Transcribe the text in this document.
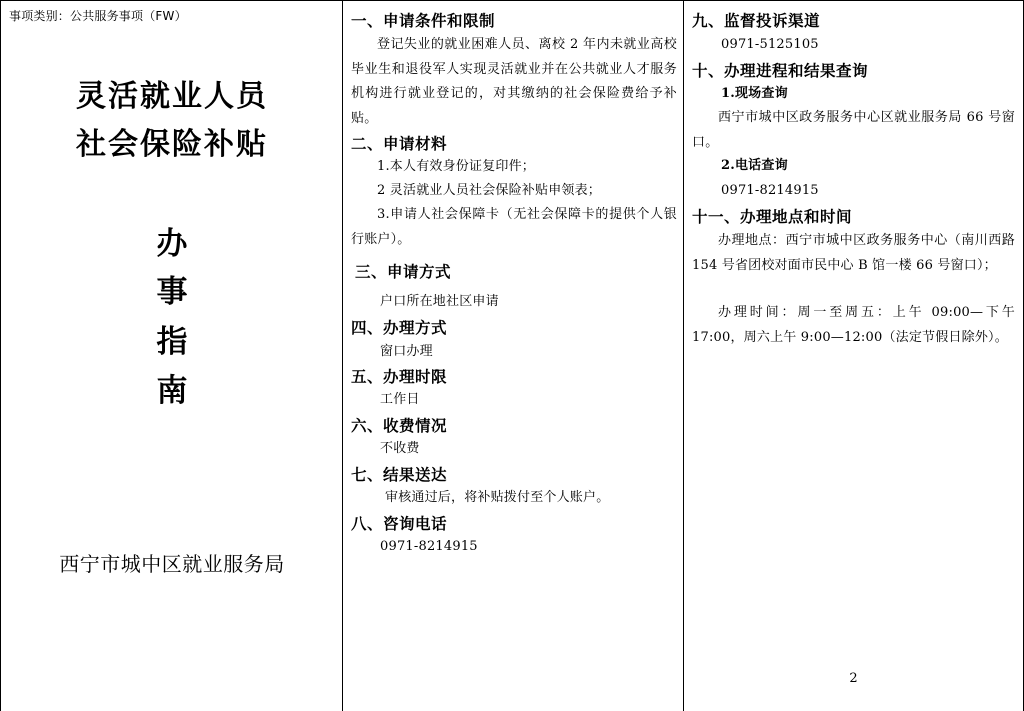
事项类别：公共服务事项（FW）
灵活就业人员
社会保险补贴
办
事
指
南
西宁市城中区就业服务局
一、申请条件和限制
登记失业的就业困难人员、离校 2 年内未就业高校毕业生和退役军人实现灵活就业并在公共就业人才服务机构进行就业登记的，对其缴纳的社会保险费给予补贴。
二、申请材料
1.本人有效身份证复印件；
2 灵活就业人员社会保险补贴申领表；
3.申请人社会保障卡（无社会保障卡的提供个人银行账户）。
三、申请方式
户口所在地社区申请
四、办理方式
窗口办理
五、办理时限
工作日
六、收费情况
不收费
七、结果送达
审核通过后，将补贴拨付至个人账户。
八、咨询电话
0971-8214915
九、监督投诉渠道
0971-5125105
十、办理进程和结果查询
1.现场查询
西宁市城中区政务服务中心区就业服务局 66 号窗口。
2.电话查询
0971-8214915
十一、办理地点和时间
办理地点：西宁市城中区政务服务中心（南川西路 154 号省团校对面市民中心 B 馆一楼 66 号窗口）；
办理时间：周一至周五：上午 09:00—下午 17:00，周六上午 9:00—12:00（法定节假日除外）。
2
